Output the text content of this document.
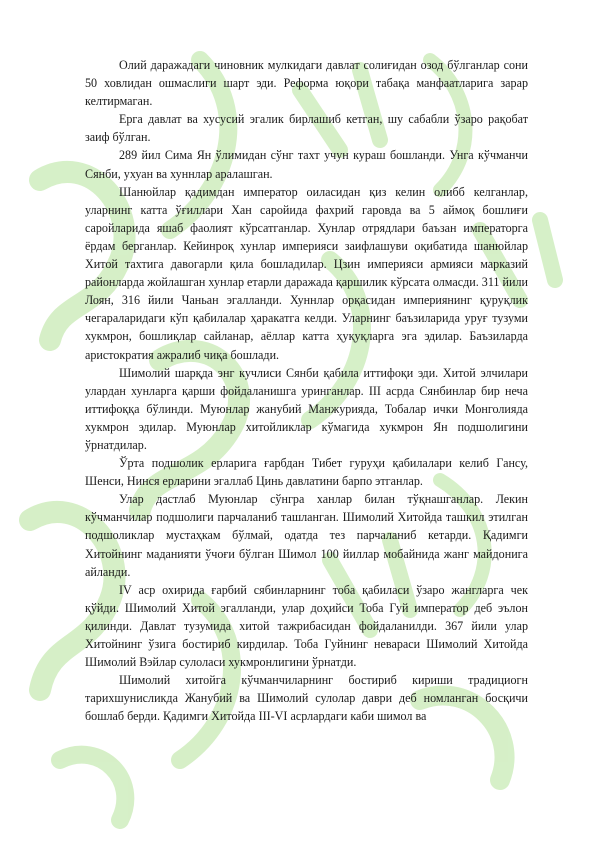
Олий даражадаги чиновник мулкидаги давлат солиғидан озод бўлганлар сони 50 ховлидан ошмаслиги шарт эди. Реформа юқори табақа манфаатларига зарар келтирмаган.

Ерга давлат ва хусусий эгалик бирлашиб кетган, шу сабабли ўзаро рақобат заиф бўлган.

289 йил Сима Ян ўлимидан сўнг тахт учун кураш бошланди. Унга кўчманчи Сянби, ухуан ва хуннлар аралашган.

Шанюйлар қадимдан император оиласидан қиз келин олибб келганлар, уларнинг катта ўғиллари Хан саройида фахрий гаровда ва 5 аймоқ бошлиғи саройларида яшаб фаолият кўрсатганлар. Хунлар отрядлари баъзан императорга ёрдам берганлар. Кейинроқ хунлар империяси заифлашуви оқибатида шанюйлар Хитой тахтига давогарли қила бошладилар. Цзин империяси армияси марказий районларда жойлашган хунлар етарли даражада қаршилик кўрсата олмасди. 311 йили Лоян, 316 йили Чаньан эгалланди. Хуннлар орқасидан империянинг қуруқлик чегараларидаги кўп қабилалар ҳаракатга келди. Уларнинг баъзиларида уруғ тузуми хукмрон, бошлиқлар сайланар, аёллар катта ҳуқуқларга эга эдилар. Баъзиларда аристократия ажралиб чиқа бошлади.

Шимолий шарқда энг кучлиси Сянби қабила иттифоқи эди. Хитой элчилари улардан хунларга қарши фойдаланишга уринганлар. III асрда Сянбинлар бир неча иттифоққа бўлинди. Муюнлар жанубий Манжурияда, Тобалар ички Монголияда хукмрон эдилар. Муюнлар хитойликлар кўмагида хукмрон Ян подшолигини ўрнатдилар.

Ўрта подшолик ерларига ғарбдан Тибет гуруҳи қабилалари келиб Гансу, Шенси, Нинся ерларини эгаллаб Цинь давлатини барпо этганлар.

Улар дастлаб Муюнлар сўнгра ханлар билан тўқнашганлар. Лекин кўчманчилар подшолиги парчаланиб ташланган. Шимолий Хитойда ташкил этилган подшоликлар мустаҳкам бўлмай, одатда тез парчаланиб кетарди. Қадимги Хитойнинг маданияти ўчоғи бўлган Шимол 100 йиллар мобайнида жанг майдонига айланди.

IV аср охирида ғарбий сябинларнинг тоба қабиласи ўзаро жангларга чек қўйди. Шимолий Хитой эгалланди, улар доҳийси Тоба Гуй император деб эълон қилинди. Давлат тузумида хитой тажрибасидан фойдаланилди. 367 йили улар Хитойнинг ўзига бостириб кирдилар. Тоба Гуйнинг невараси Шимолий Хитойда Шимолий Вэйлар сулоласи хукмронлигини ўрнатди.

Шимолий хитойга кўчманчиларнинг бостириб кириши традициогн тарихшунисликда Жанубий ва Шимолий сулолар даври деб номланган босқичи бошлаб берди. Қадимги Хитойда III-VI асрлардаги каби шимол ва
